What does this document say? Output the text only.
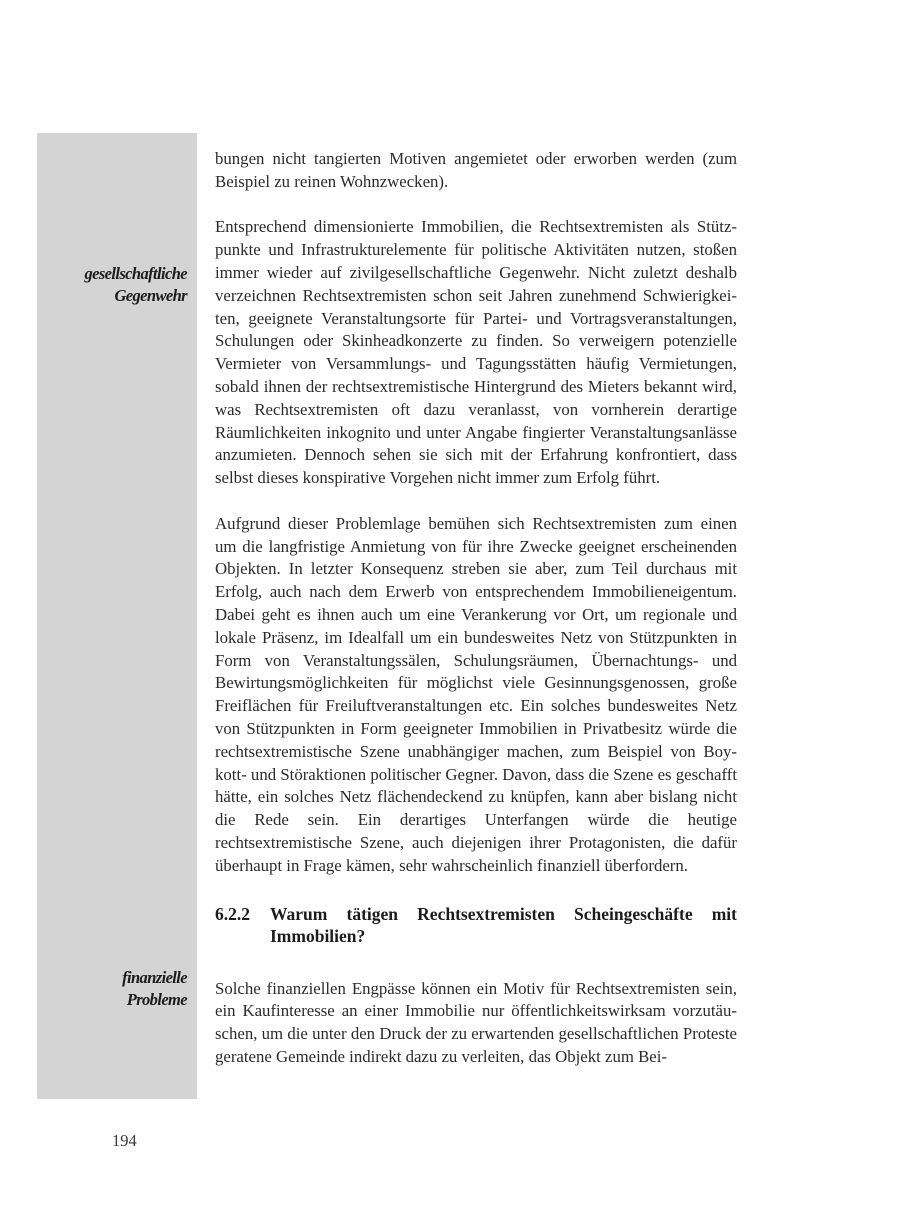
gesellschaftliche
Gegenwehr
finanzielle
Probleme

bungen nicht tangierten Motiven angemietet oder erworben werden (zum Beispiel zu reinen Wohnzwecken).

Entsprechend dimensionierte Immobilien, die Rechtsextremisten als Stützpunkte und Infrastrukturelemente für politische Aktivitäten nutzen, stoßen immer wieder auf zivilgesellschaftliche Gegenwehr. Nicht zuletzt deshalb verzeichnen Rechtsextremisten schon seit Jahren zunehmend Schwierigkeiten, geeignete Veranstaltungsorte für Partei- und Vortragsveranstaltungen, Schulungen oder Skinheadkonzerte zu finden. So verweigern potenzielle Vermieter von Versammlungs- und Tagungsstätten häufig Vermietungen, sobald ihnen der rechtsextremistische Hintergrund des Mieters bekannt wird, was Rechtsextremisten oft dazu veranlasst, von vornherein derartige Räumlichkeiten inkognito und unter Angabe fingierter Veranstaltungsanlässe anzumieten. Dennoch sehen sie sich mit der Erfahrung konfrontiert, dass selbst dieses konspirative Vorgehen nicht immer zum Erfolg führt.

Aufgrund dieser Problemlage bemühen sich Rechtsextremisten zum einen um die langfristige Anmietung von für ihre Zwecke geeignet erscheinenden Objekten. In letzter Konsequenz streben sie aber, zum Teil durchaus mit Erfolg, auch nach dem Erwerb von entsprechendem Immobilieneigentum. Dabei geht es ihnen auch um eine Verankerung vor Ort, um regionale und lokale Präsenz, im Idealfall um ein bundesweites Netz von Stützpunkten in Form von Veranstaltungssälen, Schulungsräumen, Übernachtungs- und Bewirtungsmöglichkeiten für möglichst viele Gesinnungsgenossen, große Freiflächen für Freiluftveranstaltungen etc. Ein solches bundesweites Netz von Stützpunkten in Form geeigneter Immobilien in Privatbesitz würde die rechtsextremistische Szene unabhängiger machen, zum Beispiel von Boykott- und Störaktionen politischer Gegner. Davon, dass die Szene es geschafft hätte, ein solches Netz flächendeckend zu knüpfen, kann aber bislang nicht die Rede sein. Ein derartiges Unterfangen würde die heutige rechtsextremistische Szene, auch diejenigen ihrer Protagonisten, die dafür überhaupt in Frage kämen, sehr wahrscheinlich finanziell überfordern.

6.2.2	Warum tätigen Rechtsextremisten Scheingeschäfte mit Immobilien?

Solche finanziellen Engpässe können ein Motiv für Rechtsextremisten sein, ein Kaufinteresse an einer Immobilie nur öffentlichkeitswirksam vorzutäuschen, um die unter den Druck der zu erwartenden gesellschaftlichen Proteste geratene Gemeinde indirekt dazu zu verleiten, das Objekt zum Bei-

194
